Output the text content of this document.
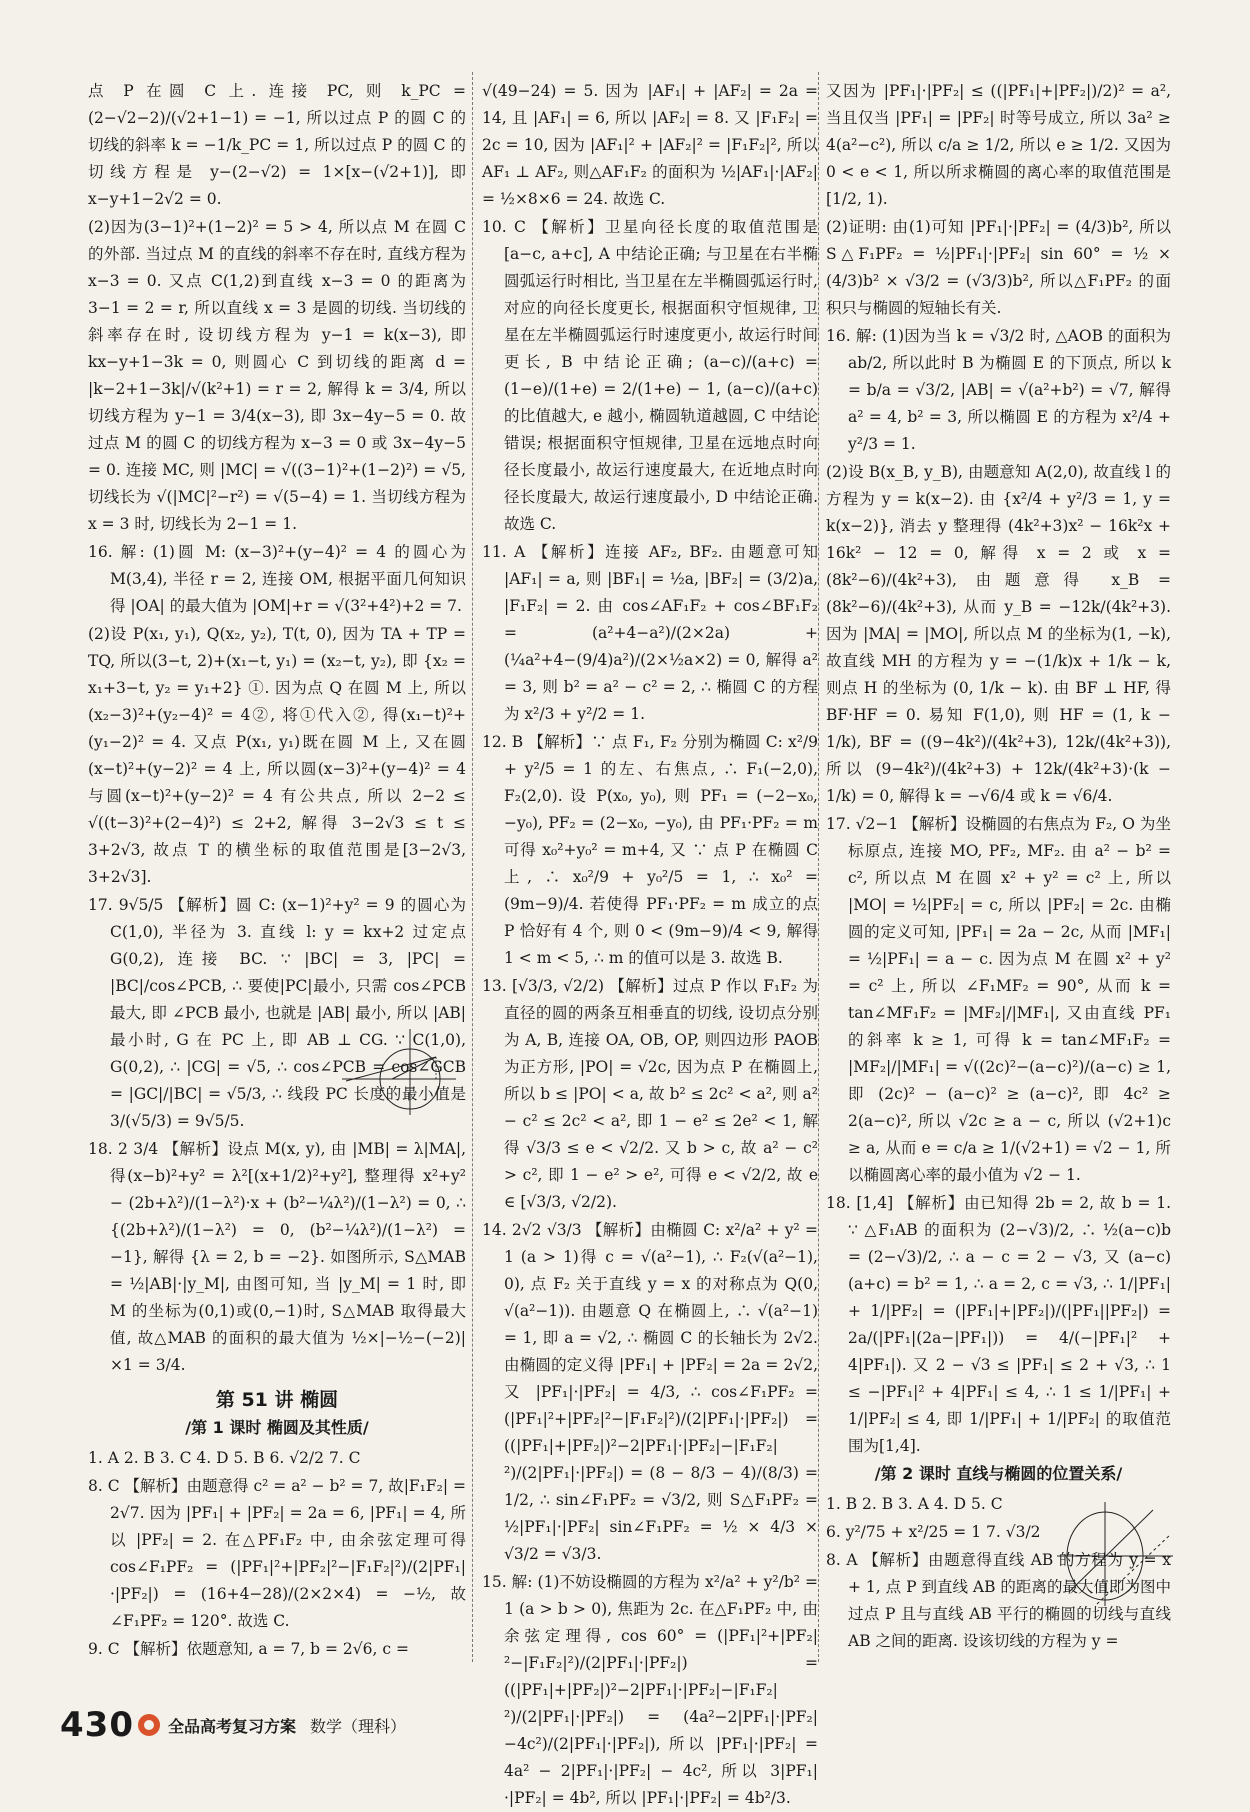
点 P 在圆 C 上. 连接 PC, 则 k_PC = (2−√2−2)/(√2+1−1) = −1, 所以过点 P 的圆 C 的切线的斜率 k = −1/k_PC = 1, 所以过点 P 的圆 C 的切线方程是 y−(2−√2) = 1×[x−(√2+1)], 即 x−y+1−2√2 = 0.

(2)因为(3−1)²+(1−2)² = 5 > 4, 所以点 M 在圆 C 的外部. 当过点 M 的直线的斜率不存在时, 直线方程为 x−3 = 0. 又点 C(1,2)到直线 x−3 = 0 的距离为 3−1 = 2 = r, 所以直线 x = 3 是圆的切线. 当切线的斜率存在时, 设切线方程为 y−1 = k(x−3), 即 kx−y+1−3k = 0, 则圆心 C 到切线的距离 d = |k−2+1−3k|/√(k²+1) = r = 2, 解得 k = 3/4, 所以切线方程为 y−1 = 3/4(x−3), 即 3x−4y−5 = 0. 故过点 M 的圆 C 的切线方程为 x−3 = 0 或 3x−4y−5 = 0. 连接 MC, 则 |MC| = √((3−1)²+(1−2)²) = √5, 切线长为 √(|MC|²−r²) = √(5−4) = 1. 当切线方程为 x = 3 时, 切线长为 2−1 = 1.

16. 解: (1)圆 M: (x−3)²+(y−4)² = 4 的圆心为 M(3,4), 半径 r = 2, 连接 OM, 根据平面几何知识得 |OA| 的最大值为 |OM|+r = √(3²+4²)+2 = 7.

(2)设 P(x₁, y₁), Q(x₂, y₂), T(t, 0), 因为 TA + TP = TQ, 所以(3−t, 2)+(x₁−t, y₁) = (x₂−t, y₂), 即 {x₂ = x₁+3−t, y₂ = y₁+2} ①. 因为点 Q 在圆 M 上, 所以(x₂−3)²+(y₂−4)² = 4②, 将①代入②, 得(x₁−t)²+(y₁−2)² = 4. 又点 P(x₁, y₁)既在圆 M 上, 又在圆(x−t)²+(y−2)² = 4 上, 所以圆(x−3)²+(y−4)² = 4 与圆(x−t)²+(y−2)² = 4 有公共点, 所以 2−2 ≤ √((t−3)²+(2−4)²) ≤ 2+2, 解得 3−2√3 ≤ t ≤ 3+2√3, 故点 T 的横坐标的取值范围是[3−2√3, 3+2√3].

17. 9√5/5 【解析】圆 C: (x−1)²+y² = 9 的圆心为 C(1,0), 半径为 3. 直线 l: y = kx+2 过定点 G(0,2), 连接 BC. ∵ |BC| = 3, |PC| = |BC|/cos∠PCB, ∴ 要使|PC|最小, 只需 cos∠PCB 最大, 即 ∠PCB 最小, 也就是 |AB| 最小, 所以 |AB| 最小时, G 在 PC 上, 即 AB ⊥ CG. ∵ C(1,0), G(0,2), ∴ |CG| = √5, ∴ cos∠PCB = cos∠GCB = |GC|/|BC| = √5/3, ∴ 线段 PC 长度的最小值是 3/(√5/3) = 9√5/5.

18. 2 3/4 【解析】设点 M(x, y), 由 |MB| = λ|MA|, 得(x−b)²+y² = λ²[(x+1/2)²+y²], 整理得 x²+y² − (2b+λ²)/(1−λ²)·x + (b²−¼λ²)/(1−λ²) = 0, ∴ {(2b+λ²)/(1−λ²) = 0, (b²−¼λ²)/(1−λ²) = −1}, 解得 {λ = 2, b = −2}. 如图所示, S△MAB = ½|AB|·|y_M|, 由图可知, 当 |y_M| = 1 时, 即 M 的坐标为(0,1)或(0,−1)时, S△MAB 取得最大值, 故△MAB 的面积的最大值为 ½×|−½−(−2)|×1 = 3/4.

第 51 讲 椭圆
/第 1 课时 椭圆及其性质/

1. A 2. B 3. C 4. D 5. B 6. √2/2 7. C

8. C 【解析】由题意得 c² = a² − b² = 7, 故|F₁F₂| = 2√7. 因为 |PF₁| + |PF₂| = 2a = 6, |PF₁| = 4, 所以 |PF₂| = 2. 在△PF₁F₂ 中, 由余弦定理可得 cos∠F₁PF₂ = (|PF₁|²+|PF₂|²−|F₁F₂|²)/(2|PF₁|·|PF₂|) = (16+4−28)/(2×2×4) = −½, 故∠F₁PF₂ = 120°. 故选 C.

9. C 【解析】依题意知, a = 7, b = 2√6, c =

√(49−24) = 5. 因为 |AF₁| + |AF₂| = 2a = 14, 且 |AF₁| = 6, 所以 |AF₂| = 8. 又 |F₁F₂| = 2c = 10, 因为 |AF₁|² + |AF₂|² = |F₁F₂|², 所以 AF₁ ⊥ AF₂, 则△AF₁F₂ 的面积为 ½|AF₁|·|AF₂| = ½×8×6 = 24. 故选 C.

10. C 【解析】卫星向径长度的取值范围是[a−c, a+c], A 中结论正确; 与卫星在右半椭圆弧运行时相比, 当卫星在左半椭圆弧运行时, 对应的向径长度更长, 根据面积守恒规律, 卫星在左半椭圆弧运行时速度更小, 故运行时间更长, B 中结论正确; (a−c)/(a+c) = (1−e)/(1+e) = 2/(1+e) − 1, (a−c)/(a+c) 的比值越大, e 越小, 椭圆轨道越圆, C 中结论错误; 根据面积守恒规律, 卫星在远地点时向径长度最小, 故运行速度最大, 在近地点时向径长度最大, 故运行速度最小, D 中结论正确. 故选 C.

11. A 【解析】连接 AF₂, BF₂. 由题意可知 |AF₁| = a, 则 |BF₁| = ½a, |BF₂| = (3/2)a, |F₁F₂| = 2. 由 cos∠AF₁F₂ + cos∠BF₁F₂ = (a²+4−a²)/(2×2a) + (¼a²+4−(9/4)a²)/(2×½a×2) = 0, 解得 a² = 3, 则 b² = a² − c² = 2, ∴ 椭圆 C 的方程为 x²/3 + y²/2 = 1.

12. B 【解析】∵ 点 F₁, F₂ 分别为椭圆 C: x²/9 + y²/5 = 1 的左、右焦点, ∴ F₁(−2,0), F₂(2,0). 设 P(x₀, y₀), 则 PF₁ = (−2−x₀, −y₀), PF₂ = (2−x₀, −y₀), 由 PF₁·PF₂ = m 可得 x₀²+y₀² = m+4, 又 ∵ 点 P 在椭圆 C 上, ∴ x₀²/9 + y₀²/5 = 1, ∴ x₀² = (9m−9)/4. 若使得 PF₁·PF₂ = m 成立的点 P 恰好有 4 个, 则 0 < (9m−9)/4 < 9, 解得 1 < m < 5, ∴ m 的值可以是 3. 故选 B.

13. [√3/3, √2/2) 【解析】过点 P 作以 F₁F₂ 为直径的圆的两条互相垂直的切线, 设切点分别为 A, B, 连接 OA, OB, OP, 则四边形 PAOB 为正方形, |PO| = √2c, 因为点 P 在椭圆上, 所以 b ≤ |PO| < a, 故 b² ≤ 2c² < a², 则 a² − c² ≤ 2c² < a², 即 1 − e² ≤ 2e² < 1, 解得 √3/3 ≤ e < √2/2. 又 b > c, 故 a² − c² > c², 即 1 − e² > e², 可得 e < √2/2, 故 e ∈ [√3/3, √2/2).

14. 2√2 √3/3 【解析】由椭圆 C: x²/a² + y² = 1 (a > 1)得 c = √(a²−1), ∴ F₂(√(a²−1), 0), 点 F₂ 关于直线 y = x 的对称点为 Q(0, √(a²−1)). 由题意 Q 在椭圆上, ∴ √(a²−1) = 1, 即 a = √2, ∴ 椭圆 C 的长轴长为 2√2. 由椭圆的定义得 |PF₁| + |PF₂| = 2a = 2√2, 又 |PF₁|·|PF₂| = 4/3, ∴ cos∠F₁PF₂ = (|PF₁|²+|PF₂|²−|F₁F₂|²)/(2|PF₁|·|PF₂|) = ((|PF₁|+|PF₂|)²−2|PF₁|·|PF₂|−|F₁F₂|²)/(2|PF₁|·|PF₂|) = (8 − 8/3 − 4)/(8/3) = 1/2, ∴ sin∠F₁PF₂ = √3/2, 则 S△F₁PF₂ = ½|PF₁|·|PF₂| sin∠F₁PF₂ = ½ × 4/3 × √3/2 = √3/3.

15. 解: (1)不妨设椭圆的方程为 x²/a² + y²/b² = 1 (a > b > 0), 焦距为 2c. 在△F₁PF₂ 中, 由余弦定理得, cos 60° = (|PF₁|²+|PF₂|²−|F₁F₂|²)/(2|PF₁|·|PF₂|) = ((|PF₁|+|PF₂|)²−2|PF₁|·|PF₂|−|F₁F₂|²)/(2|PF₁|·|PF₂|) = (4a²−2|PF₁|·|PF₂|−4c²)/(2|PF₁|·|PF₂|), 所以 |PF₁|·|PF₂| = 4a² − 2|PF₁|·|PF₂| − 4c², 所以 3|PF₁|·|PF₂| = 4b², 所以 |PF₁|·|PF₂| = 4b²/3.

又因为 |PF₁|·|PF₂| ≤ ((|PF₁|+|PF₂|)/2)² = a², 当且仅当 |PF₁| = |PF₂| 时等号成立, 所以 3a² ≥ 4(a²−c²), 所以 c/a ≥ 1/2, 所以 e ≥ 1/2. 又因为 0 < e < 1, 所以所求椭圆的离心率的取值范围是 [1/2, 1).

(2)证明: 由(1)可知 |PF₁|·|PF₂| = (4/3)b², 所以 S△F₁PF₂ = ½|PF₁|·|PF₂| sin 60° = ½ × (4/3)b² × √3/2 = (√3/3)b², 所以△F₁PF₂ 的面积只与椭圆的短轴长有关.

16. 解: (1)因为当 k = √3/2 时, △AOB 的面积为 ab/2, 所以此时 B 为椭圆 E 的下顶点, 所以 k = b/a = √3/2, |AB| = √(a²+b²) = √7, 解得 a² = 4, b² = 3, 所以椭圆 E 的方程为 x²/4 + y²/3 = 1.

(2)设 B(x_B, y_B), 由题意知 A(2,0), 故直线 l 的方程为 y = k(x−2). 由 {x²/4 + y²/3 = 1, y = k(x−2)}, 消去 y 整理得 (4k²+3)x² − 16k²x + 16k² − 12 = 0, 解得 x = 2 或 x = (8k²−6)/(4k²+3), 由题意得 x_B = (8k²−6)/(4k²+3), 从而 y_B = −12k/(4k²+3). 因为 |MA| = |MO|, 所以点 M 的坐标为(1, −k), 故直线 MH 的方程为 y = −(1/k)x + 1/k − k, 则点 H 的坐标为 (0, 1/k − k). 由 BF ⊥ HF, 得 BF·HF = 0. 易知 F(1,0), 则 HF = (1, k − 1/k), BF = ((9−4k²)/(4k²+3), 12k/(4k²+3)), 所以 (9−4k²)/(4k²+3) + 12k/(4k²+3)·(k − 1/k) = 0, 解得 k = −√6/4 或 k = √6/4.

17. √2−1 【解析】设椭圆的右焦点为 F₂, O 为坐标原点, 连接 MO, PF₂, MF₂. 由 a² − b² = c², 所以点 M 在圆 x² + y² = c² 上, 所以 |MO| = ½|PF₂| = c, 所以 |PF₂| = 2c. 由椭圆的定义可知, |PF₁| = 2a − 2c, 从而 |MF₁| = ½|PF₁| = a − c. 因为点 M 在圆 x² + y² = c² 上, 所以 ∠F₁MF₂ = 90°, 从而 k = tan∠MF₁F₂ = |MF₂|/|MF₁|, 又由直线 PF₁ 的斜率 k ≥ 1, 可得 k = tan∠MF₁F₂ = |MF₂|/|MF₁| = √((2c)²−(a−c)²)/(a−c) ≥ 1, 即 (2c)² − (a−c)² ≥ (a−c)², 即 4c² ≥ 2(a−c)², 所以 √2c ≥ a − c, 所以 (√2+1)c ≥ a, 从而 e = c/a ≥ 1/(√2+1) = √2 − 1, 所以椭圆离心率的最小值为 √2 − 1.

18. [1,4] 【解析】由已知得 2b = 2, 故 b = 1. ∵ △F₁AB 的面积为 (2−√3)/2, ∴ ½(a−c)b = (2−√3)/2, ∴ a − c = 2 − √3, 又 (a−c)(a+c) = b² = 1, ∴ a = 2, c = √3, ∴ 1/|PF₁| + 1/|PF₂| = (|PF₁|+|PF₂|)/(|PF₁||PF₂|) = 2a/(|PF₁|(2a−|PF₁|)) = 4/(−|PF₁|² + 4|PF₁|). 又 2 − √3 ≤ |PF₁| ≤ 2 + √3, ∴ 1 ≤ −|PF₁|² + 4|PF₁| ≤ 4, ∴ 1 ≤ 1/|PF₁| + 1/|PF₂| ≤ 4, 即 1/|PF₁| + 1/|PF₂| 的取值范围为[1,4].

/第 2 课时 直线与椭圆的位置关系/

1. B 2. B 3. A 4. D 5. C

6. y²/75 + x²/25 = 1 7. √3/2

8. A 【解析】由题意得直线 AB 的方程为 y = x + 1, 点 P 到直线 AB 的距离的最大值即为图中过点 P 且与直线 AB 平行的椭圆的切线与直线 AB 之间的距离. 设该切线的方程为 y =

430 全品高考复习方案 数学（理科）
